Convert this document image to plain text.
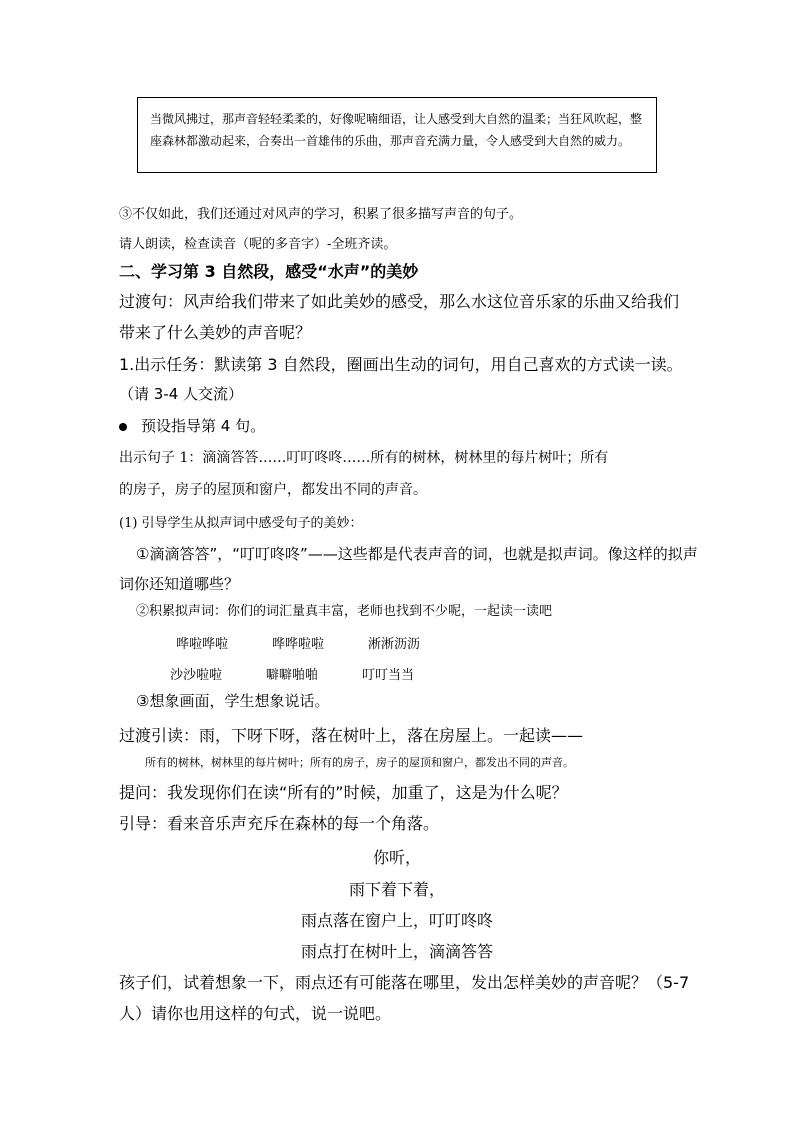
当微风拂过，那声音轻轻柔柔的，好像呢喃细语，让人感受到大自然的温柔；当狂风吹起，整座森林都激动起来，合奏出一首雄伟的乐曲，那声音充满力量，令人感受到大自然的威力。
③不仅如此，我们还通过对风声的学习，积累了很多描写声音的句子。
请人朗读，检查读音（呢的多音字）-全班齐读。
二、学习第 3 自然段，感受“水声”的美妙
过渡句：风声给我们带来了如此美妙的感受，那么水这位音乐家的乐曲又给我们
带来了什么美妙的声音呢？
1.出示任务：默读第 3 自然段，圈画出生动的词句，用自己喜欢的方式读一读。
（请 3-4 人交流）
预设指导第 4 句。
出示句子 1：滴滴答答……叮叮咚咚……所有的树林，树林里的每片树叶；所有
的房子，房子的屋顶和窗户，都发出不同的声音。
(1) 引导学生从拟声词中感受句子的美妙：
①滴滴答答”，“叮叮咚咚”——这些都是代表声音的词，也就是拟声词。像这样的拟声
词你还知道哪些？
②积累拟声词：你们的词汇量真丰富，老师也找到不少呢，一起读一读吧
哗啦哗啦	哗哗啦啦	淅淅沥沥
沙沙啦啦	噼噼啪啪	叮叮当当
③想象画面，学生想象说话。
过渡引读：雨，下呀下呀，落在树叶上，落在房屋上。一起读——
所有的树林，树林里的每片树叶；所有的房子，房子的屋顶和窗户，都发出不同的声音。
提问：我发现你们在读“所有的”时候，加重了，这是为什么呢？
引导：看来音乐声充斥在森林的每一个角落。
你听，
雨下着下着，
雨点落在窗户上，叮叮咚咚
雨点打在树叶上，滴滴答答
孩子们，试着想象一下，雨点还有可能落在哪里，发出怎样美妙的声音呢？（5-7
人）请你也用这样的句式，说一说吧。
